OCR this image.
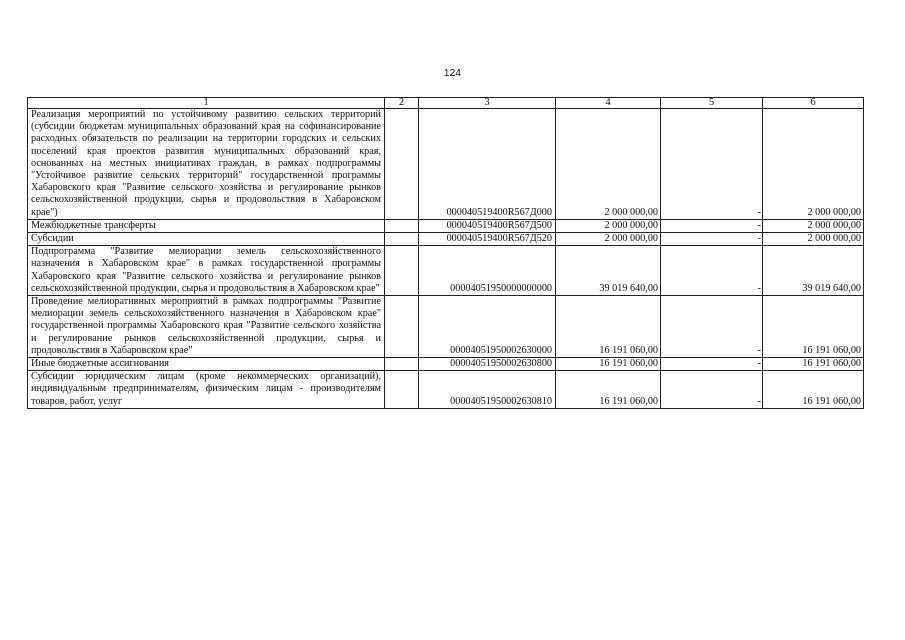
124
1	2	3	4	5	6
Реализация мероприятий по устойчивому развитию сельских территорий (субсидии бюджетам муниципальных образований края на софинансирование расходных обязательств по реализации на территории городских и сельских поселений края проектов развития муниципальных образований края, основанных на местных инициативах граждан, в рамках подпрограммы "Устойчивое развитие сельских территорий" государственной программы Хабаровского края "Развитие сельского хозяйства и регулирование рынков сельскохозяйственной продукции, сырья и продовольствия в Хабаровском крае")		000040519400R567Д000	2 000 000,00	-	2 000 000,00
Межбюджетные трансферты		000040519400R567Д500	2 000 000,00	-	2 000 000,00
Субсидии		000040519400R567Д520	2 000 000,00	-	2 000 000,00
Подпрограмма "Развитие мелиорации земель сельскохозяйственного назначения в Хабаровском крае" в рамках государственной программы Хабаровского края "Развитие сельского хозяйства и регулирование рынков сельскохозяйственной продукции, сырья и продовольствия в Хабаровском крае"		00004051950000000000	39 019 640,00	-	39 019 640,00
Проведение мелиоративных мероприятий в рамках подпрограммы "Развитие мелиорации земель сельскохозяйственного назначения в Хабаровском крае" государственной программы Хабаровского края "Развитие сельского хозяйства и регулирование рынков сельскохозяйственной продукции, сырья и продовольствия в Хабаровском крае"		00004051950002630000	16 191 060,00	-	16 191 060,00
Иные бюджетные ассигнования		00004051950002630800	16 191 060,00	-	16 191 060,00
Субсидии юридическим лицам (кроме некоммерческих организаций), индивидуальным предпринимателям, физическим лицам - производителям товаров, работ, услуг		00004051950002630810	16 191 060,00	-	16 191 060,00
